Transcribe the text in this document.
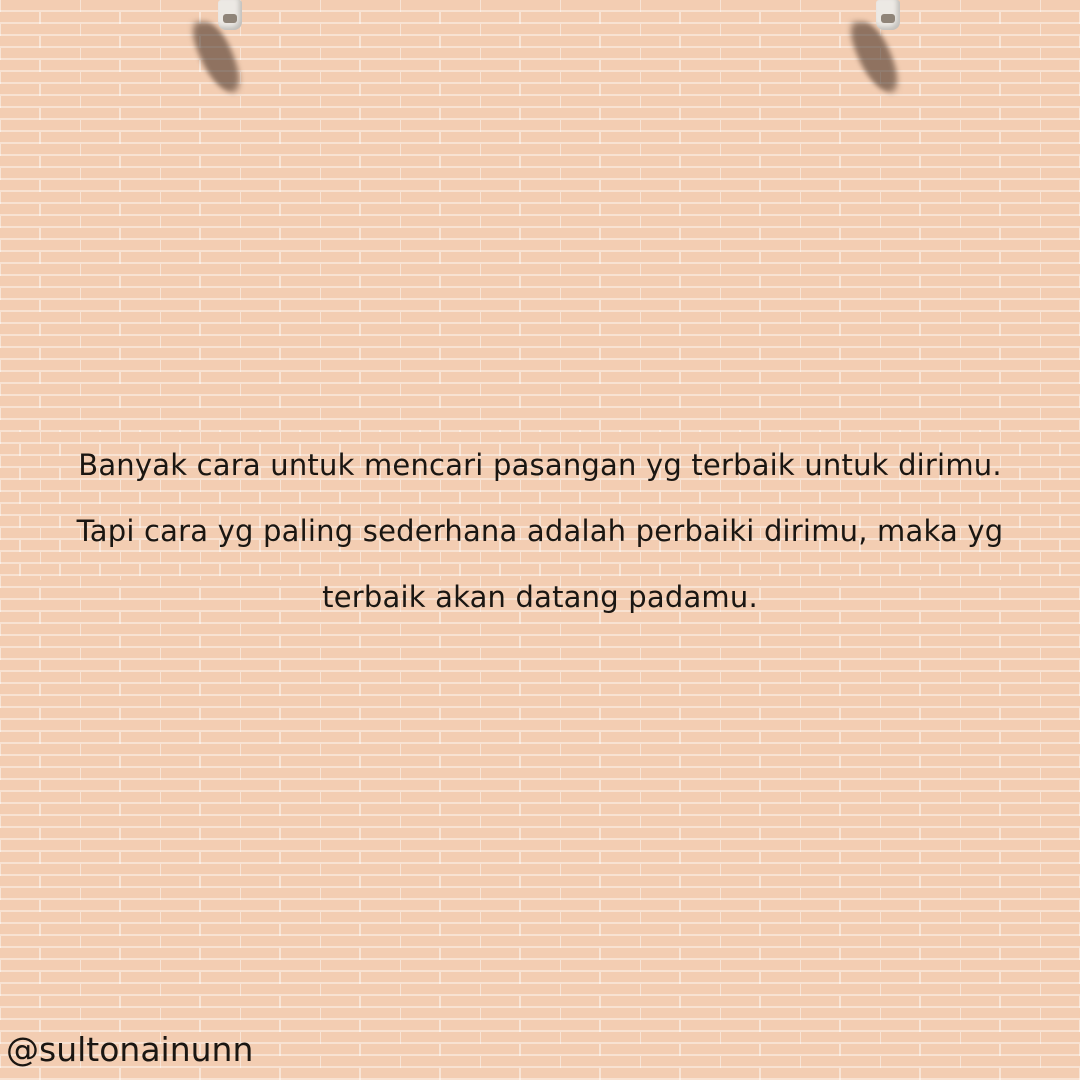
Banyak cara untuk mencari pasangan yg terbaik untuk dirimu.

Tapi cara yg paling sederhana adalah perbaiki dirimu, maka yg

terbaik akan datang padamu.

@sultonainunn
